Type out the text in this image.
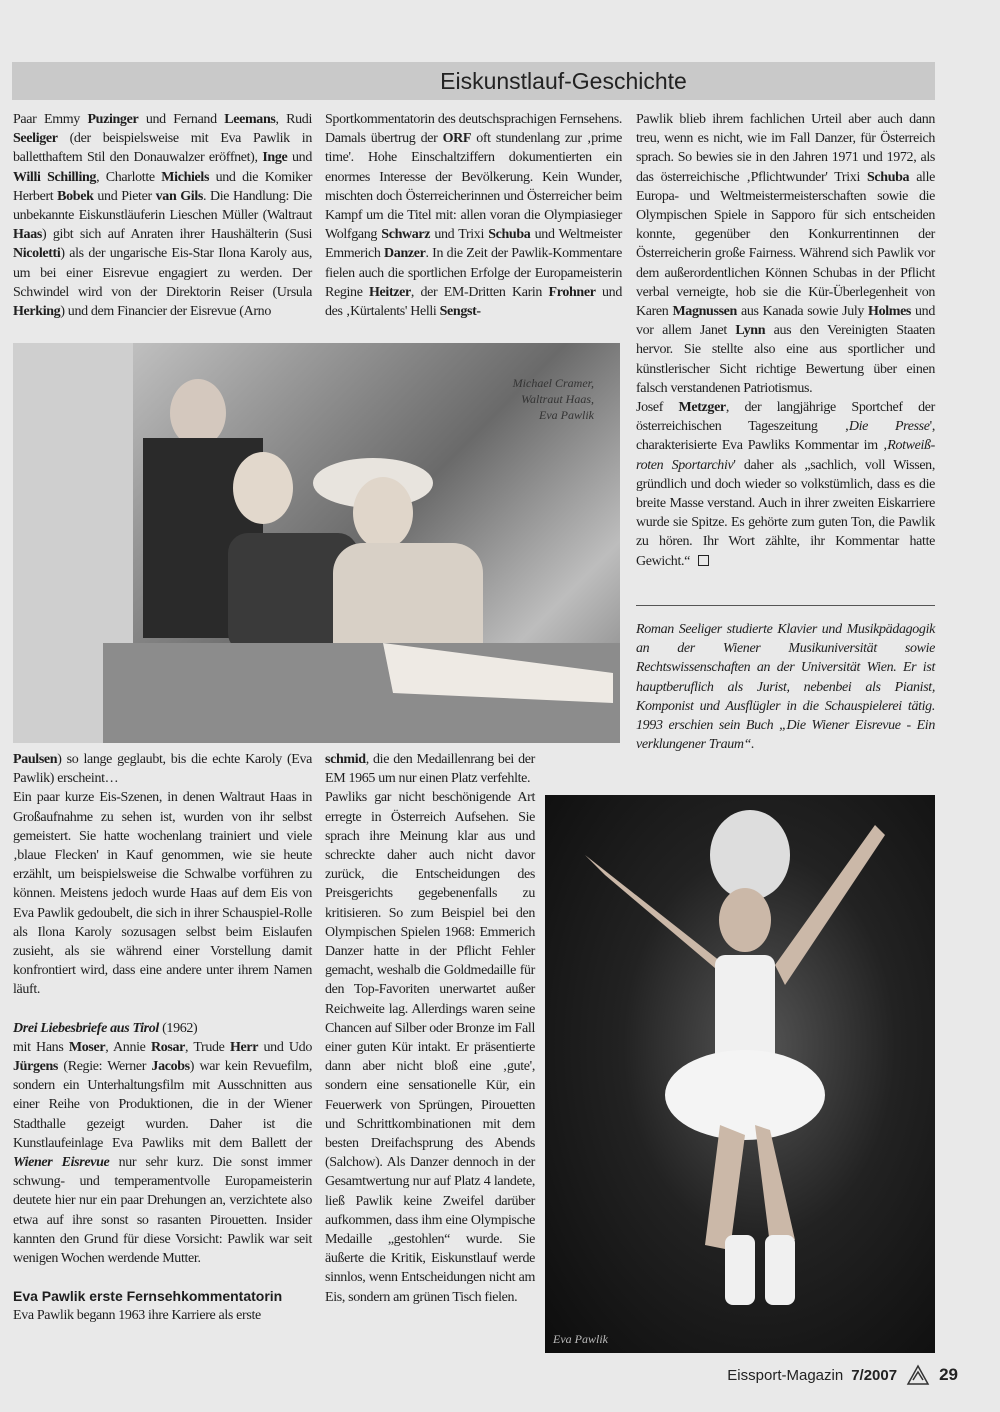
Eiskunstlauf-Geschichte

Paar Emmy Puzinger und Fernand Leemans, Rudi Seeliger (der beispielsweise mit Eva Pawlik in balletthaftem Stil den Donauwalzer eröffnet), Inge und Willi Schilling, Charlotte Michiels und die Komiker Herbert Bobek und Pieter van Gils. Die Handlung: Die unbekannte Eiskunstläuferin Lieschen Müller (Waltraut Haas) gibt sich auf Anraten ihrer Haushälterin (Susi Nicoletti) als der ungarische Eis-Star Ilona Karoly aus, um bei einer Eisrevue engagiert zu werden. Der Schwindel wird von der Direktorin Reiser (Ursula Herking) und dem Financier der Eisrevue (Arno

Sportkommentatorin des deutschsprachigen Fernsehens. Damals übertrug der ORF oft stundenlang zur ‚prime time'. Hohe Einschaltziffern dokumentierten ein enormes Interesse der Bevölkerung. Kein Wunder, mischten doch Österreicherinnen und Österreicher beim Kampf um die Titel mit: allen voran die Olympiasieger Wolfgang Schwarz und Trixi Schuba und Weltmeister Emmerich Danzer. In die Zeit der Pawlik-Kommentare fielen auch die sportlichen Erfolge der Europameisterin Regine Heitzer, der EM-Dritten Karin Frohner und des ‚Kürtalents' Helli Sengst-

Pawlik blieb ihrem fachlichen Urteil aber auch dann treu, wenn es nicht, wie im Fall Danzer, für Österreich sprach. So bewies sie in den Jahren 1971 und 1972, als das österreichische ‚Pflichtwunder' Trixi Schuba alle Europa- und Weltmeistermeisterschaften sowie die Olympischen Spiele in Sapporo für sich entscheiden konnte, gegenüber den Konkurrentinnen der Österreicherin große Fairness. Während sich Pawlik vor dem außerordentlichen Können Schubas in der Pflicht verbal verneigte, hob sie die Kür-Überlegenheit von Karen Magnussen aus Kanada sowie July Holmes und vor allem Janet Lynn aus den Vereinigten Staaten hervor. Sie stellte also eine aus sportlicher und künstlerischer Sicht richtige Bewertung über einen falsch verstandenen Patriotismus.

Josef Metzger, der langjährige Sportchef der österreichischen Tageszeitung ‚Die Presse', charakterisierte Eva Pawliks Kommentar im ‚Rotweiß-roten Sportarchiv' daher als „sachlich, voll Wissen, gründlich und doch wieder so volkstümlich, dass es die breite Masse verstand. Auch in ihrer zweiten Eiskarriere wurde sie Spitze. Es gehörte zum guten Ton, die Pawlik zu hören. Ihr Wort zählte, ihr Kommentar hatte Gewicht.“

Roman Seeliger studierte Klavier und Musikpädagogik an der Wiener Musikuniversität sowie Rechtswissenschaften an der Universität Wien. Er ist hauptberuflich als Jurist, nebenbei als Pianist, Komponist und Ausflügler in die Schauspielerei tätig. 1993 erschien sein Buch „Die Wiener Eisrevue - Ein verklungener Traum“.

Michael Cramer,
Waltraut Haas,
Eva Pawlik

Paulsen) so lange geglaubt, bis die echte Karoly (Eva Pawlik) erscheint…

Ein paar kurze Eis-Szenen, in denen Waltraut Haas in Großaufnahme zu sehen ist, wurden von ihr selbst gemeistert. Sie hatte wochenlang trainiert und viele ‚blaue Flecken' in Kauf genommen, wie sie heute erzählt, um beispielsweise die Schwalbe vorführen zu können. Meistens jedoch wurde Haas auf dem Eis von Eva Pawlik gedoubelt, die sich in ihrer Schauspiel-Rolle als Ilona Karoly sozusagen selbst beim Eislaufen zusieht, als sie während einer Vorstellung damit konfrontiert wird, dass eine andere unter ihrem Namen läuft.

Drei Liebesbriefe aus Tirol (1962)

mit Hans Moser, Annie Rosar, Trude Herr und Udo Jürgens (Regie: Werner Jacobs) war kein Revuefilm, sondern ein Unterhaltungsfilm mit Ausschnitten aus einer Reihe von Produktionen, die in der Wiener Stadthalle gezeigt wurden. Daher ist die Kunstlaufeinlage Eva Pawliks mit dem Ballett der Wiener Eisrevue nur sehr kurz. Die sonst immer schwung- und temperamentvolle Europameisterin deutete hier nur ein paar Drehungen an, verzichtete also etwa auf ihre sonst so rasanten Pirouetten. Insider kannten den Grund für diese Vorsicht: Pawlik war seit wenigen Wochen werdende Mutter.

Eva Pawlik erste Fernsehkommentatorin

Eva Pawlik begann 1963 ihre Karriere als erste

schmid, die den Medaillenrang bei der EM 1965 um nur einen Platz verfehlte.

Pawliks gar nicht beschönigende Art erregte in Österreich Aufsehen. Sie sprach ihre Meinung klar aus und schreckte daher auch nicht davor zurück, die Entscheidungen des Preisgerichts gegebenenfalls zu kritisieren. So zum Beispiel bei den Olympischen Spielen 1968: Emmerich Danzer hatte in der Pflicht Fehler gemacht, weshalb die Goldmedaille für den Top-Favoriten unerwartet außer Reichweite lag. Allerdings waren seine Chancen auf Silber oder Bronze im Fall einer guten Kür intakt. Er präsentierte dann aber nicht bloß eine ‚gute', sondern eine sensationelle Kür, ein Feuerwerk von Sprüngen, Pirouetten und Schrittkombinationen mit dem besten Dreifachsprung des Abends (Salchow). Als Danzer dennoch in der Gesamtwertung nur auf Platz 4 landete, ließ Pawlik keine Zweifel darüber aufkommen, dass ihm eine Olympische Medaille „gestohlen“ wurde. Sie äußerte die Kritik, Eiskunstlauf werde sinnlos, wenn Entscheidungen nicht am Eis, sondern am grünen Tisch fielen.

Eva Pawlik
Eissport-Magazin 7/2007 29
